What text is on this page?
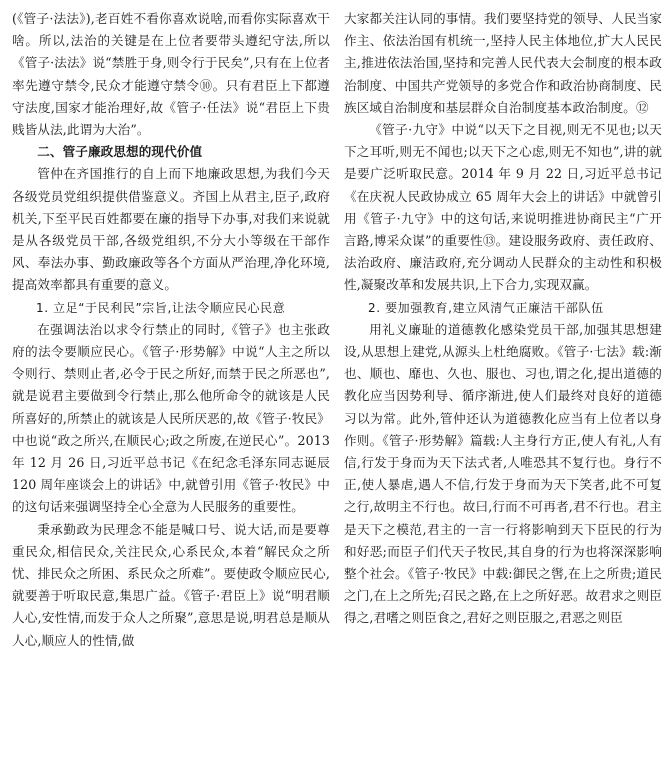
(《管子·法法》),老百姓不看你喜欢说啥,而看你实际喜欢干啥。所以,法治的关键是在上位者要带头遵纪守法,所以《管子·法法》说“禁胜于身,则令行于民矣”,只有在上位者率先遵守禁令,民众才能遵守禁令⑩。只有君臣上下都遵守法度,国家才能治理好,故《管子·任法》说“君臣上下贵贱皆从法,此谓为大治”。

二、管子廉政思想的现代价值

管仲在齐国推行的自上而下地廉政思想,为我们今天各级党员党组织提供借鉴意义。齐国上从君主,臣子,政府机关,下至平民百姓都要在廉的指导下办事,对我们来说就是从各级党员干部,各级党组织,不分大小等级在干部作风、奉法办事、勤政廉政等各个方面从严治理,净化环境,提高效率都具有重要的意义。

1. 立足“于民利民”宗旨,让法令顺应民心民意

在强调法治以求令行禁止的同时,《管子》也主张政府的法令要顺应民心。《管子·形势解》中说“人主之所以令则行、禁则止者,必令于民之所好,而禁于民之所恶也”,就是说君主要做到令行禁止,那么他所命令的就该是人民所喜好的,所禁止的就该是人民所厌恶的,故《管子·牧民》中也说“政之所兴,在顺民心;政之所废,在逆民心”。2013 年 12 月 26 日,习近平总书记《在纪念毛泽东同志诞辰 120 周年座谈会上的讲话》中,就曾引用《管子·牧民》中的这句话来强调坚持全心全意为人民服务的重要性。

秉承勤政为民理念不能是喊口号、说大话,而是要尊重民众,相信民众,关注民众,心系民众,本着“解民众之所忧、排民众之所困、系民众之所难”。要使政令顺应民心,就要善于听取民意,集思广益。《管子·君臣上》说“明君顺人心,安性情,而发于众人之所聚”,意思是说,明君总是顺从人心,顺应人的性情,做

大家都关注认同的事情。我们要坚持党的领导、人民当家作主、依法治国有机统一,坚持人民主体地位,扩大人民民主,推进依法治国,坚持和完善人民代表大会制度的根本政治制度、中国共产党领导的多党合作和政治协商制度、民族区域自治制度和基层群众自治制度基本政治制度。⑫

《管子·九守》中说“以天下之目视,则无不见也;以天下之耳听,则无不闻也;以天下之心虑,则无不知也”,讲的就是要广泛听取民意。2014 年 9 月 22 日,习近平总书记《在庆祝人民政协成立 65 周年大会上的讲话》中就曾引用《管子·九守》中的这句话,来说明推进协商民主“广开言路,博采众谋”的重要性⑬。建设服务政府、责任政府、法治政府、廉洁政府,充分调动人民群众的主动性和积极性,凝聚改革和发展共识,上下合力,实现双赢。

2. 要加强教育,建立风清气正廉洁干部队伍

用礼义廉耻的道德教化感染党员干部,加强其思想建设,从思想上建党,从源头上杜绝腐败。《管子·七法》载:渐也、顺也、靡也、久也、服也、习也,谓之化,提出道德的教化应当因势利导、循序渐进,使人们最终对良好的道德习以为常。此外,管仲还认为道德教化应当有上位者以身作则。《管子·形势解》篇载:人主身行方正,使人有礼,人有信,行发于身而为天下法式者,人唯恐其不复行也。身行不正,使人暴虐,遇人不信,行发于身而为天下笑者,此不可复之行,故明主不行也。故曰,行而不可再者,君不行也。君主是天下之模范,君主的一言一行将影响到天下臣民的行为和好恶;而臣子们代天子牧民,其自身的行为也将深深影响整个社会。《管子·牧民》中载:御民之辔,在上之所贵;道民之门,在上之所先;召民之路,在上之所好恶。故君求之则臣得之,君嗜之则臣食之,君好之则臣服之,君恶之则臣
